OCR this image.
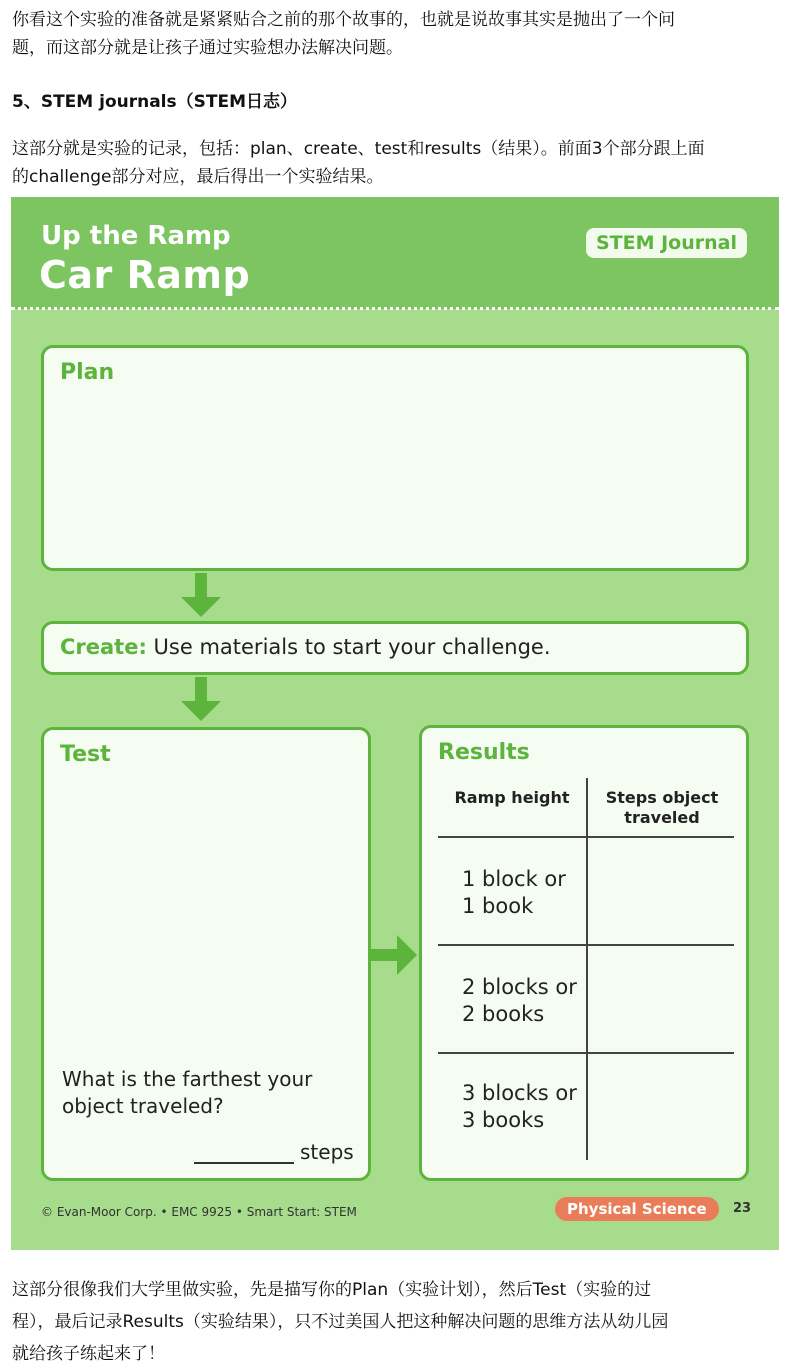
你看这个实验的准备就是紧紧贴合之前的那个故事的，也就是说故事其实是抛出了一个问
题，而这部分就是让孩子通过实验想办法解决问题。
5、STEM journals（STEM日志）
这部分就是实验的记录，包括：plan、create、test和results（结果）。前面3个部分跟上面
的challenge部分对应，最后得出一个实验结果。
Up the Ramp
Car Ramp
STEM Journal
Plan
Create: Use materials to start your challenge.
Test
What is the farthest your object traveled?
steps
Results
Ramp height	Steps object traveled
1 block or 1 book
2 blocks or 2 books
3 blocks or 3 books
© Evan-Moor Corp. • EMC 9925 • Smart Start: STEM	Physical Science	23
这部分很像我们大学里做实验，先是描写你的Plan（实验计划），然后Test（实验的过
程），最后记录Results（实验结果），只不过美国人把这种解决问题的思维方法从幼儿园
就给孩子练起来了！
